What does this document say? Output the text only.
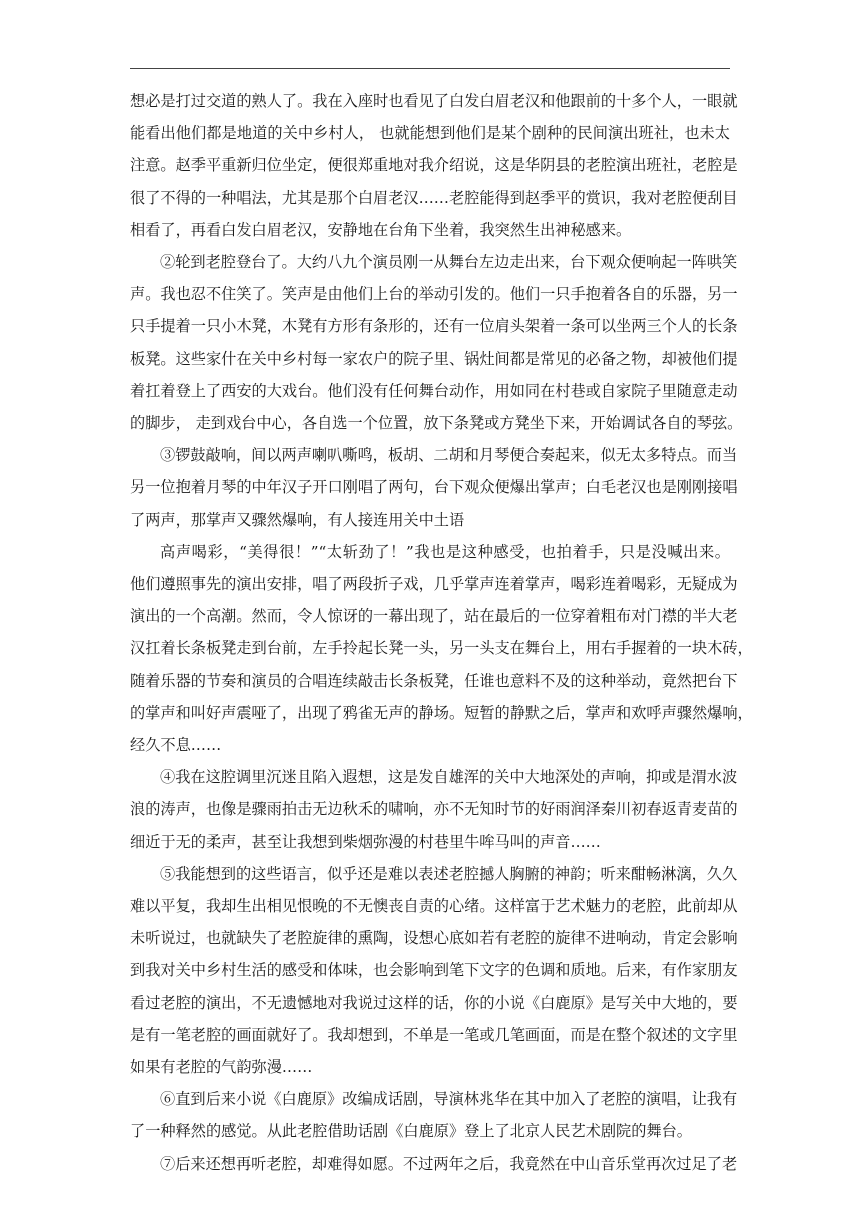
想必是打过交道的熟人了。我在入座时也看见了白发白眉老汉和他跟前的十多个人，一眼就
能看出他们都是地道的关中乡村人， 也就能想到他们是某个剧种的民间演出班社，也未太
注意。赵季平重新归位坐定，便很郑重地对我介绍说，这是华阴县的老腔演出班社，老腔是
很了不得的一种唱法，尤其是那个白眉老汉……老腔能得到赵季平的赏识，我对老腔便刮目
相看了，再看白发白眉老汉，安静地在台角下坐着，我突然生出神秘感来。
②轮到老腔登台了。大约八九个演员刚一从舞台左边走出来，台下观众便响起一阵哄笑
声。我也忍不住笑了。笑声是由他们上台的举动引发的。他们一只手抱着各自的乐器，另一
只手提着一只小木凳，木凳有方形有条形的，还有一位肩头架着一条可以坐两三个人的长条
板凳。这些家什在关中乡村每一家农户的院子里、锅灶间都是常见的必备之物，却被他们提
着扛着登上了西安的大戏台。他们没有任何舞台动作，用如同在村巷或自家院子里随意走动
的脚步， 走到戏台中心，各自选一个位置，放下条凳或方凳坐下来，开始调试各自的琴弦。
③锣鼓敲响，间以两声喇叭嘶鸣，板胡、二胡和月琴便合奏起来，似无太多特点。而当
另一位抱着月琴的中年汉子开口刚唱了两句，台下观众便爆出掌声；白毛老汉也是刚刚接唱
了两声，那掌声又骤然爆响，有人接连用关中土语
高声喝彩，“美得很！”“太斩劲了！”我也是这种感受，也拍着手，只是没喊出来。
他们遵照事先的演出安排，唱了两段折子戏，几乎掌声连着掌声，喝彩连着喝彩，无疑成为
演出的一个高潮。然而，令人惊讶的一幕出现了，站在最后的一位穿着粗布对门襟的半大老
汉扛着长条板凳走到台前，左手拎起长凳一头，另一头支在舞台上，用右手握着的一块木砖，
随着乐器的节奏和演员的合唱连续敲击长条板凳，任谁也意料不及的这种举动，竟然把台下
的掌声和叫好声震哑了，出现了鸦雀无声的静场。短暂的静默之后，掌声和欢呼声骤然爆响，
经久不息……
④我在这腔调里沉迷且陷入遐想，这是发自雄浑的关中大地深处的声响，抑或是渭水波
浪的涛声，也像是骤雨拍击无边秋禾的啸响，亦不无知时节的好雨润泽秦川初春返青麦苗的
细近于无的柔声，甚至让我想到柴烟弥漫的村巷里牛哞马叫的声音……
⑤我能想到的这些语言，似乎还是难以表述老腔撼人胸腑的神韵；听来酣畅淋漓，久久
难以平复，我却生出相见恨晚的不无懊丧自责的心绪。这样富于艺术魅力的老腔，此前却从
未听说过，也就缺失了老腔旋律的熏陶，设想心底如若有老腔的旋律不进响动，肯定会影响
到我对关中乡村生活的感受和体味，也会影响到笔下文字的色调和质地。后来，有作家朋友
看过老腔的演出，不无遗憾地对我说过这样的话，你的小说《白鹿原》是写关中大地的，要
是有一笔老腔的画面就好了。我却想到，不单是一笔或几笔画面，而是在整个叙述的文字里
如果有老腔的气韵弥漫……
⑥直到后来小说《白鹿原》改编成话剧，导演林兆华在其中加入了老腔的演唱，让我有
了一种释然的感觉。从此老腔借助话剧《白鹿原》登上了北京人民艺术剧院的舞台。
⑦后来还想再听老腔，却难得如愿。不过两年之后，我竟然在中山音乐堂再次过足了老
